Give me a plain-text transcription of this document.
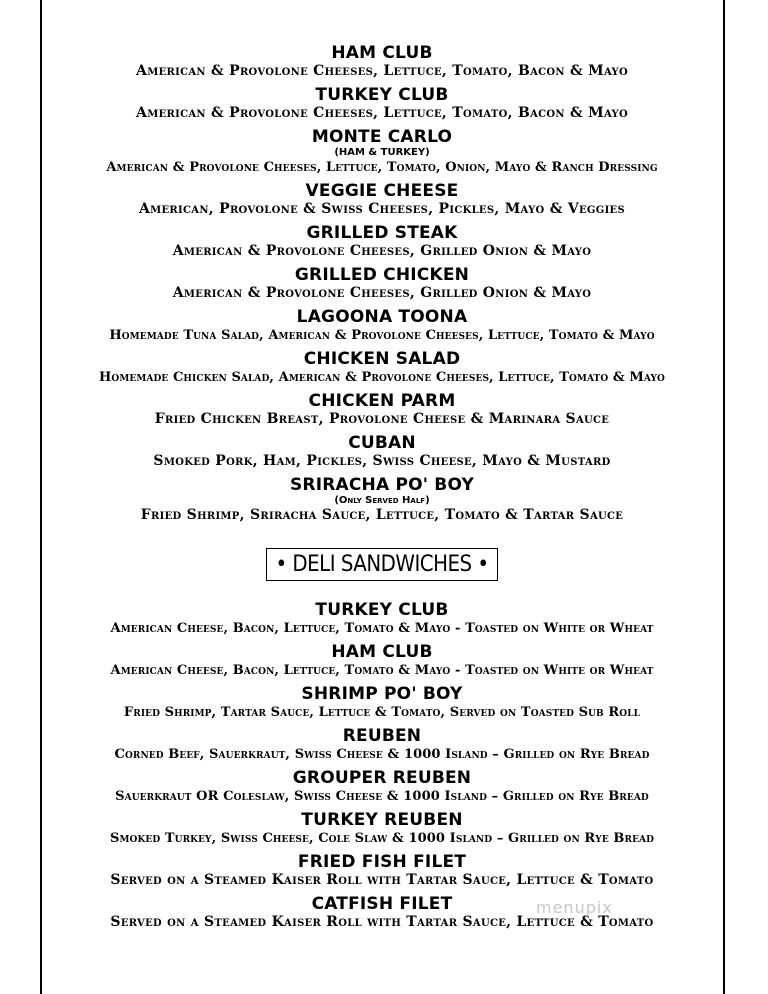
HAM CLUB
American & Provolone Cheeses, Lettuce, Tomato, Bacon & Mayo
TURKEY CLUB
American & Provolone Cheeses, Lettuce, Tomato, Bacon & Mayo
MONTE CARLO
(HAM & TURKEY)
American & Provolone Cheeses, Lettuce, Tomato, Onion, Mayo & Ranch Dressing
VEGGIE CHEESE
American, Provolone & Swiss Cheeses, Pickles, Mayo & Veggies
GRILLED STEAK
American & Provolone Cheeses, Grilled Onion & Mayo
GRILLED CHICKEN
American & Provolone Cheeses, Grilled Onion & Mayo
LAGOONA TOONA
Homemade Tuna Salad, American & Provolone Cheeses, Lettuce, Tomato & Mayo
CHICKEN SALAD
Homemade Chicken Salad, American & Provolone Cheeses, Lettuce, Tomato & Mayo
CHICKEN PARM
Fried Chicken Breast, Provolone Cheese & Marinara Sauce
CUBAN
Smoked Pork, Ham, Pickles, Swiss Cheese, Mayo & Mustard
SRIRACHA PO' BOY
(Only Served Half)
Fried Shrimp, Sriracha Sauce, Lettuce, Tomato & Tartar Sauce
• DELI SANDWICHES •
TURKEY CLUB
American Cheese, Bacon, Lettuce, Tomato & Mayo - Toasted on White or Wheat
HAM CLUB
American Cheese, Bacon, Lettuce, Tomato & Mayo - Toasted on White or Wheat
SHRIMP PO' BOY
Fried Shrimp, Tartar Sauce, Lettuce & Tomato, Served on Toasted Sub Roll
REUBEN
Corned Beef, Sauerkraut, Swiss Cheese & 1000 Island – Grilled on Rye Bread
GROUPER REUBEN
Sauerkraut OR Coleslaw, Swiss Cheese & 1000 Island – Grilled on Rye Bread
TURKEY REUBEN
Smoked Turkey, Swiss Cheese, Cole Slaw & 1000 Island – Grilled on Rye Bread
FRIED FISH FILET
Served on a Steamed Kaiser Roll with Tartar Sauce, Lettuce & Tomato
CATFISH FILET
Served on a Steamed Kaiser Roll with Tartar Sauce, Lettuce & Tomato
menupix
